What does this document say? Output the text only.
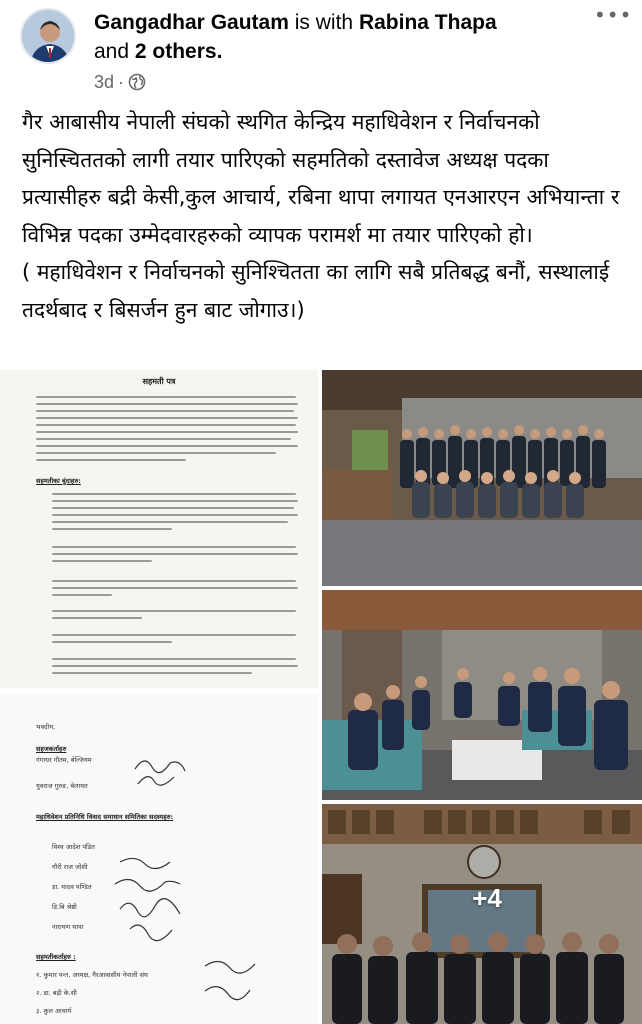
Gangadhar Gautam is with Rabina Thapa
and 2 others.
•••
3d ·

गैर आबासीय नेपाली संघको स्थगित केन्द्रिय महाधिवेशन र निर्वाचनको सुनिस्चिततको लागी तयार पारिएको सहमतिको दस्तावेज अध्यक्ष पदका प्रत्यासीहरु बद्री केसी,कुल आचार्य, रबिना थापा लगायत एनआरएन अभियान्ता र विभिन्न पदका उम्मेदवारहरुको व्यापक परामर्श मा तयार पारिएको हो।

( महाधिवेशन र निर्वाचनको सुनिश्चितता का लागि सबै प्रतिबद्ध बनौं, सस्थालाई तदर्थबाद र बिसर्जन हुन बाट जोगाउ।)

सहमती पत्र
सहमतीका बुंदाहरु:
भवदीय,
सहजकर्ताहरु
गंगाधर गौतम, बेल्जियम
युवराज गुरुङ, बेलायत
महाधिवेशन प्रतिनिधि विवाद समाधान समितिका सदस्यहरु:
विश्व आदेश पंडित
गौरी राज जोशी
डा. यादव पण्डित
डि.बि श्रेष्ठी
नारायण थापा
सहमतीकर्ताहरु :
१. कुमार पन्त, अध्यक्ष, गैरआवासीय नेपाली संघ
२. डा. बद्री के.सी
३. कुल आचार्य
+4
